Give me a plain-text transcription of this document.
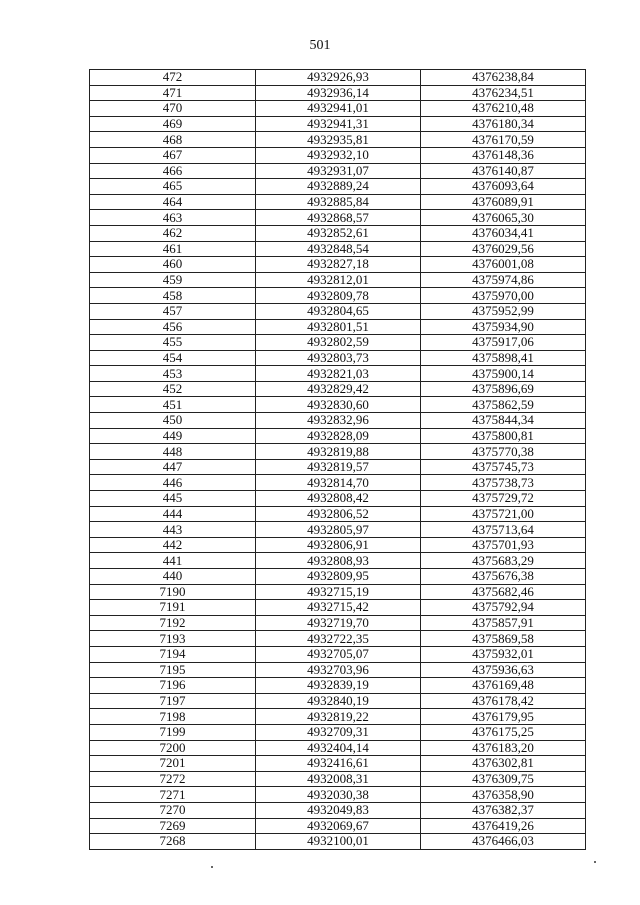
501
472	4932926,93	4376238,84
471	4932936,14	4376234,51
470	4932941,01	4376210,48
469	4932941,31	4376180,34
468	4932935,81	4376170,59
467	4932932,10	4376148,36
466	4932931,07	4376140,87
465	4932889,24	4376093,64
464	4932885,84	4376089,91
463	4932868,57	4376065,30
462	4932852,61	4376034,41
461	4932848,54	4376029,56
460	4932827,18	4376001,08
459	4932812,01	4375974,86
458	4932809,78	4375970,00
457	4932804,65	4375952,99
456	4932801,51	4375934,90
455	4932802,59	4375917,06
454	4932803,73	4375898,41
453	4932821,03	4375900,14
452	4932829,42	4375896,69
451	4932830,60	4375862,59
450	4932832,96	4375844,34
449	4932828,09	4375800,81
448	4932819,88	4375770,38
447	4932819,57	4375745,73
446	4932814,70	4375738,73
445	4932808,42	4375729,72
444	4932806,52	4375721,00
443	4932805,97	4375713,64
442	4932806,91	4375701,93
441	4932808,93	4375683,29
440	4932809,95	4375676,38
7190	4932715,19	4375682,46
7191	4932715,42	4375792,94
7192	4932719,70	4375857,91
7193	4932722,35	4375869,58
7194	4932705,07	4375932,01
7195	4932703,96	4375936,63
7196	4932839,19	4376169,48
7197	4932840,19	4376178,42
7198	4932819,22	4376179,95
7199	4932709,31	4376175,25
7200	4932404,14	4376183,20
7201	4932416,61	4376302,81
7272	4932008,31	4376309,75
7271	4932030,38	4376358,90
7270	4932049,83	4376382,37
7269	4932069,67	4376419,26
7268	4932100,01	4376466,03
